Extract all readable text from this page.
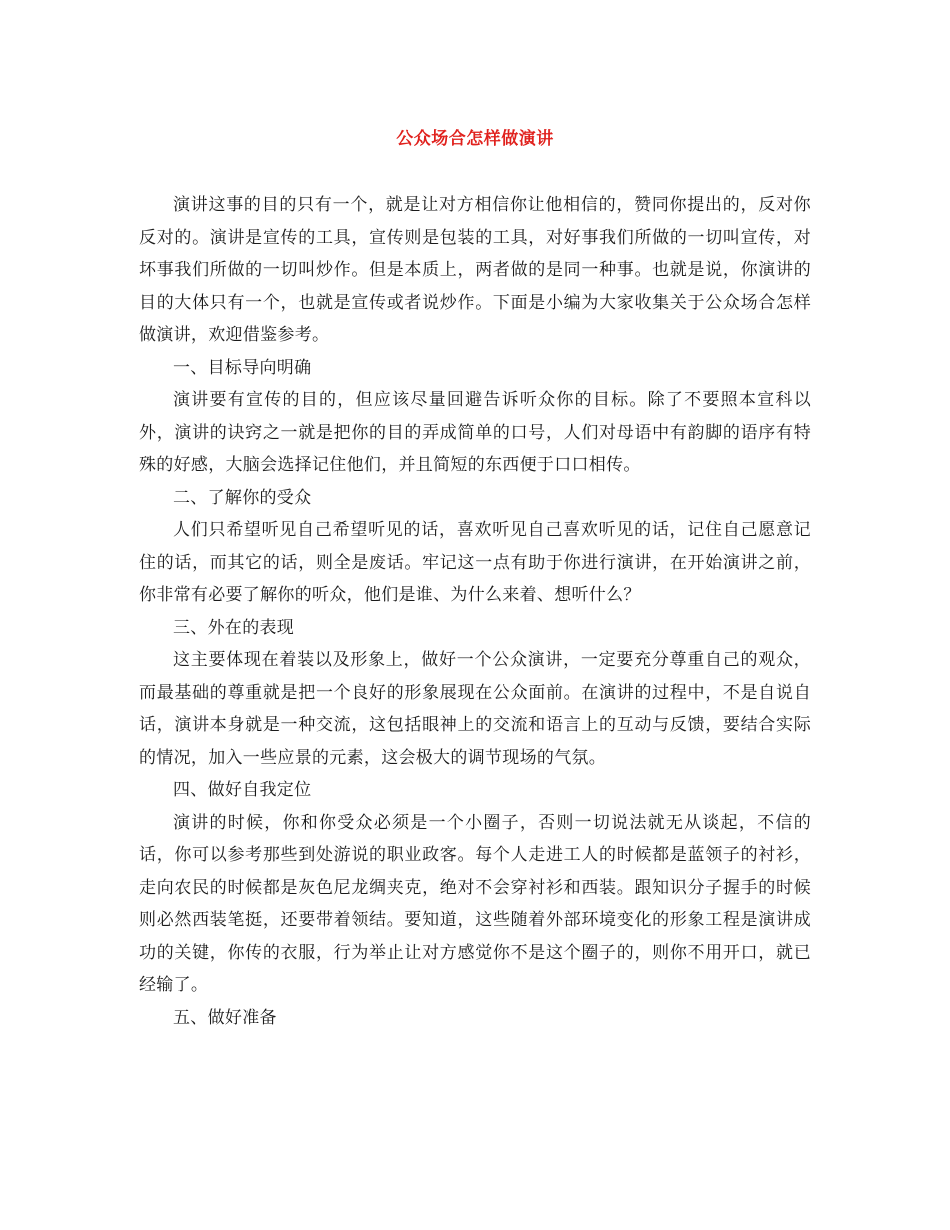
公众场合怎样做演讲

演讲这事的目的只有一个，就是让对方相信你让他相信的，赞同你提出的，反对你反对的。演讲是宣传的工具，宣传则是包装的工具，对好事我们所做的一切叫宣传，对坏事我们所做的一切叫炒作。但是本质上，两者做的是同一种事。也就是说，你演讲的目的大体只有一个，也就是宣传或者说炒作。下面是小编为大家收集关于公众场合怎样做演讲，欢迎借鉴参考。

一、目标导向明确

演讲要有宣传的目的，但应该尽量回避告诉听众你的目标。除了不要照本宣科以外，演讲的诀窍之一就是把你的目的弄成简单的口号，人们对母语中有韵脚的语序有特殊的好感，大脑会选择记住他们，并且简短的东西便于口口相传。

二、了解你的受众

人们只希望听见自己希望听见的话，喜欢听见自己喜欢听见的话，记住自己愿意记住的话，而其它的话，则全是废话。牢记这一点有助于你进行演讲，在开始演讲之前，你非常有必要了解你的听众，他们是谁、为什么来着、想听什么？

三、外在的表现

这主要体现在着装以及形象上，做好一个公众演讲，一定要充分尊重自己的观众，而最基础的尊重就是把一个良好的形象展现在公众面前。在演讲的过程中，不是自说自话，演讲本身就是一种交流，这包括眼神上的交流和语言上的互动与反馈，要结合实际的情况，加入一些应景的元素，这会极大的调节现场的气氛。

四、做好自我定位

演讲的时候，你和你受众必须是一个小圈子，否则一切说法就无从谈起，不信的话，你可以参考那些到处游说的职业政客。每个人走进工人的时候都是蓝领子的衬衫，走向农民的时候都是灰色尼龙绸夹克，绝对不会穿衬衫和西装。跟知识分子握手的时候则必然西装笔挺，还要带着领结。要知道，这些随着外部环境变化的形象工程是演讲成功的关键，你传的衣服，行为举止让对方感觉你不是这个圈子的，则你不用开口，就已经输了。

五、做好准备
